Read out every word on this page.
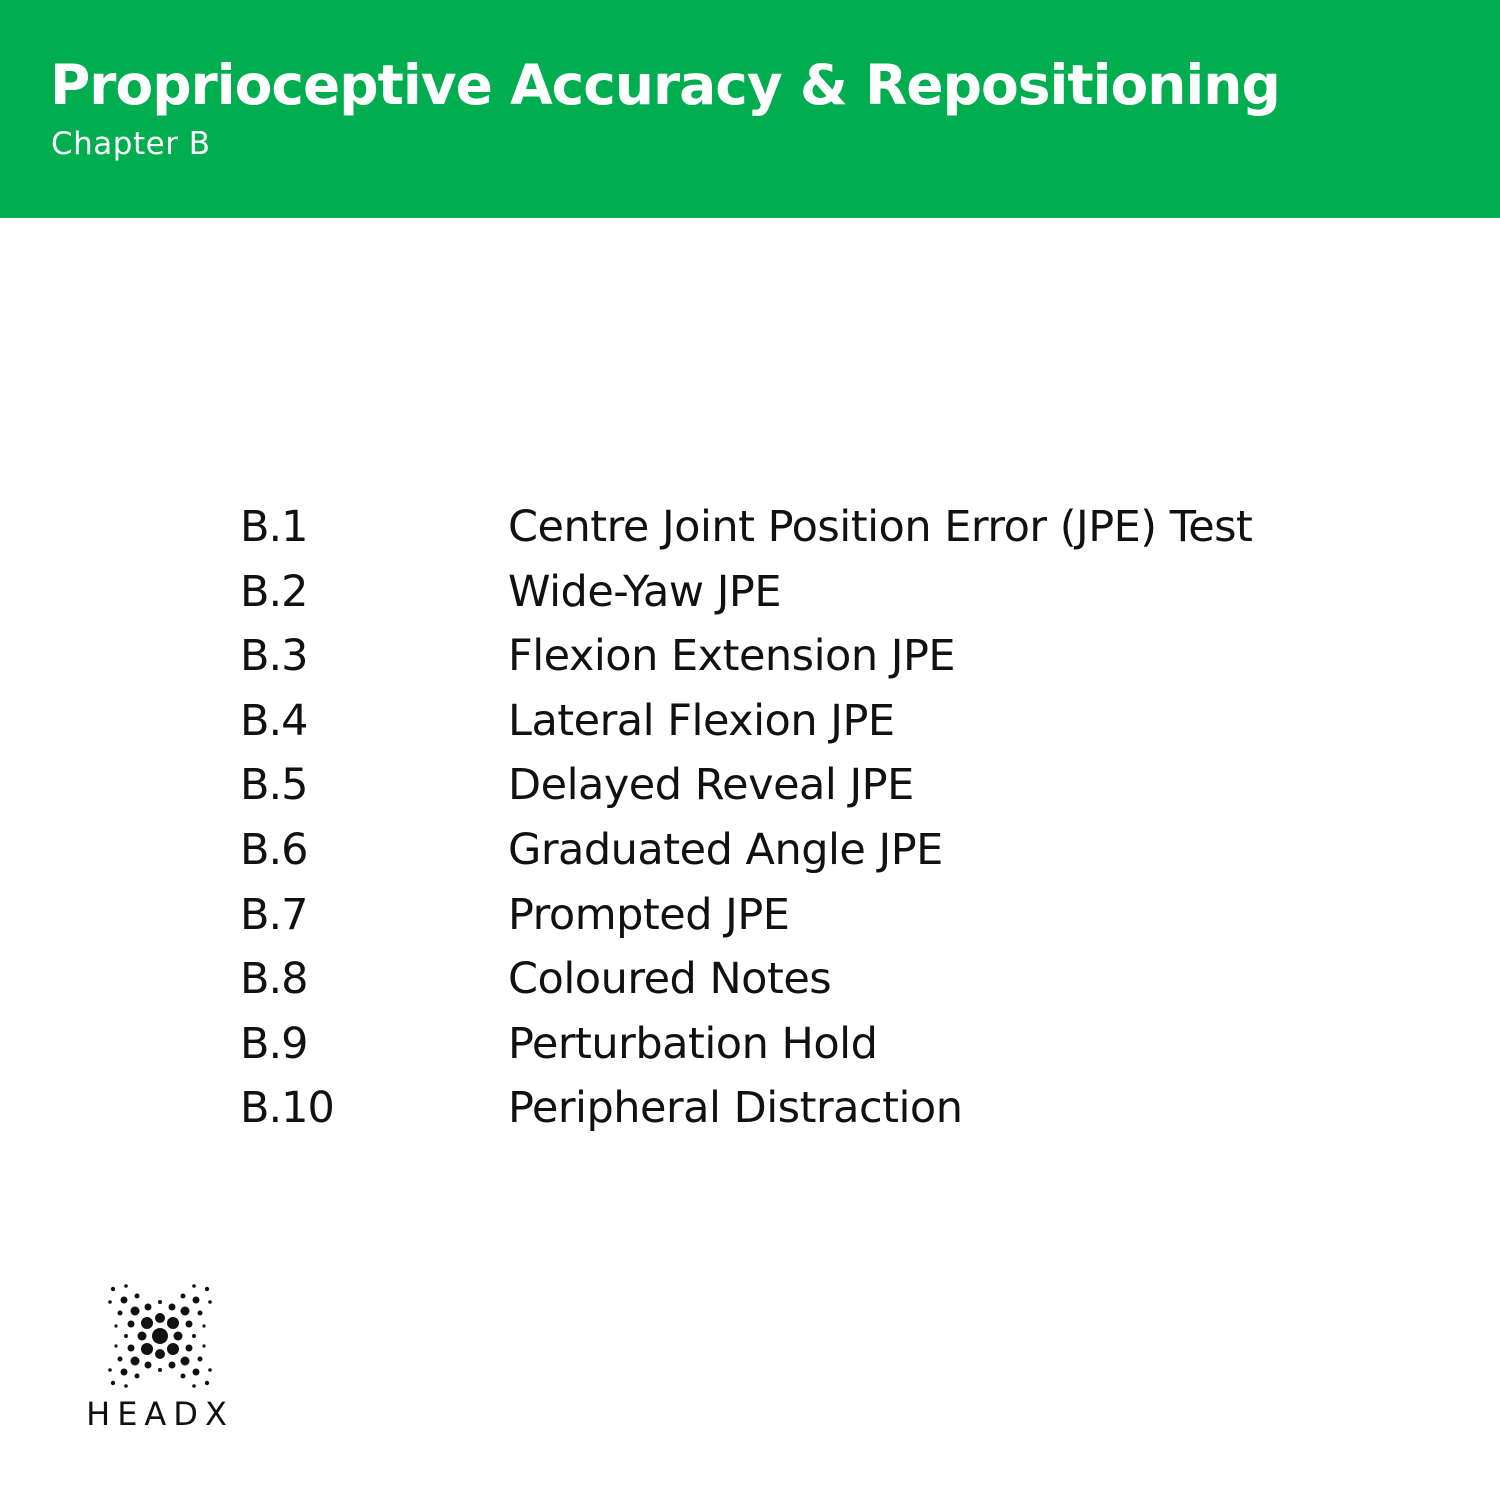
Proprioceptive Accuracy & Repositioning

Chapter B

B.1	Centre Joint Position Error (JPE) Test
B.2	Wide-Yaw JPE
B.3	Flexion Extension JPE
B.4	Lateral Flexion JPE
B.5	Delayed Reveal JPE
B.6	Graduated Angle JPE
B.7	Prompted JPE
B.8	Coloured Notes
B.9	Perturbation Hold
B.10	Peripheral Distraction
HEADX
